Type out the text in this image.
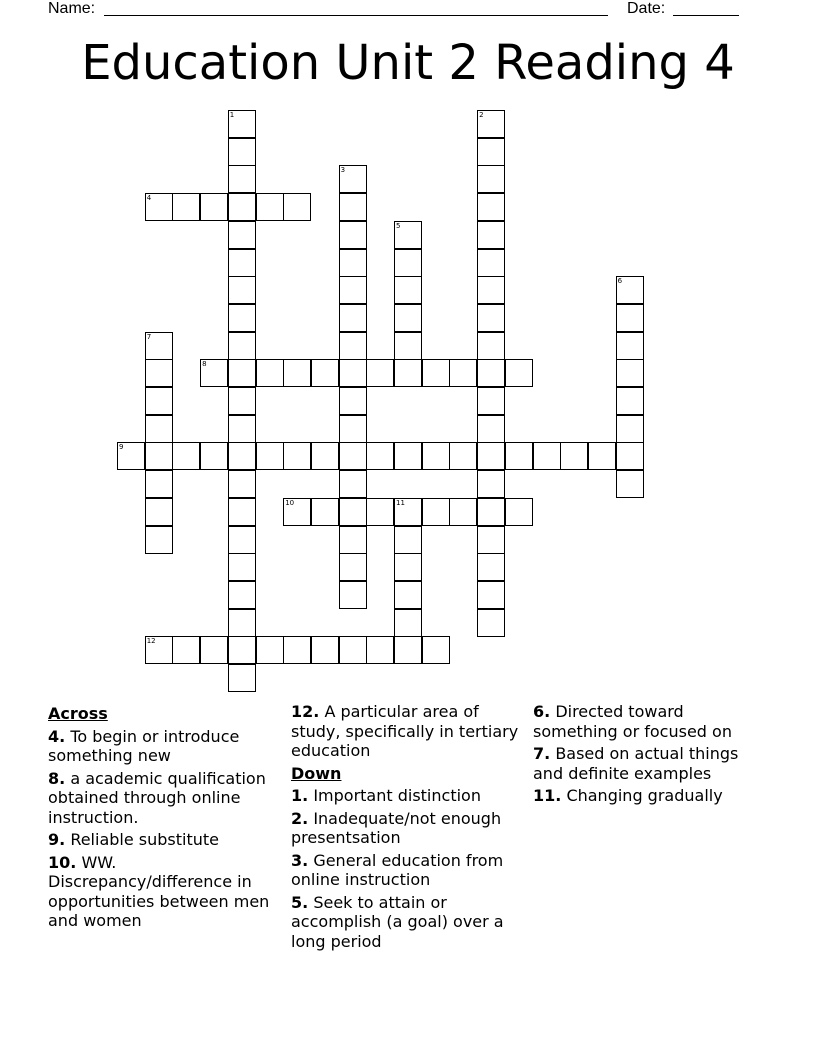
Name:	Date:
Education Unit 2 Reading 4
1	2
3
4
5
6
7
8
9
10	11
12
Across
4. To begin or introduce something new
8. a academic qualification obtained through online instruction.
9. Reliable substitute
10. WW. Discrepancy/difference in opportunities between men and women
12. A particular area of study, specifically in tertiary education
Down
1. Important distinction
2. Inadequate/not enough presentsation
3. General education from online instruction
5. Seek to attain or accomplish (a goal) over a long period
6. Directed toward something or focused on
7. Based on actual things and definite examples
11. Changing gradually
